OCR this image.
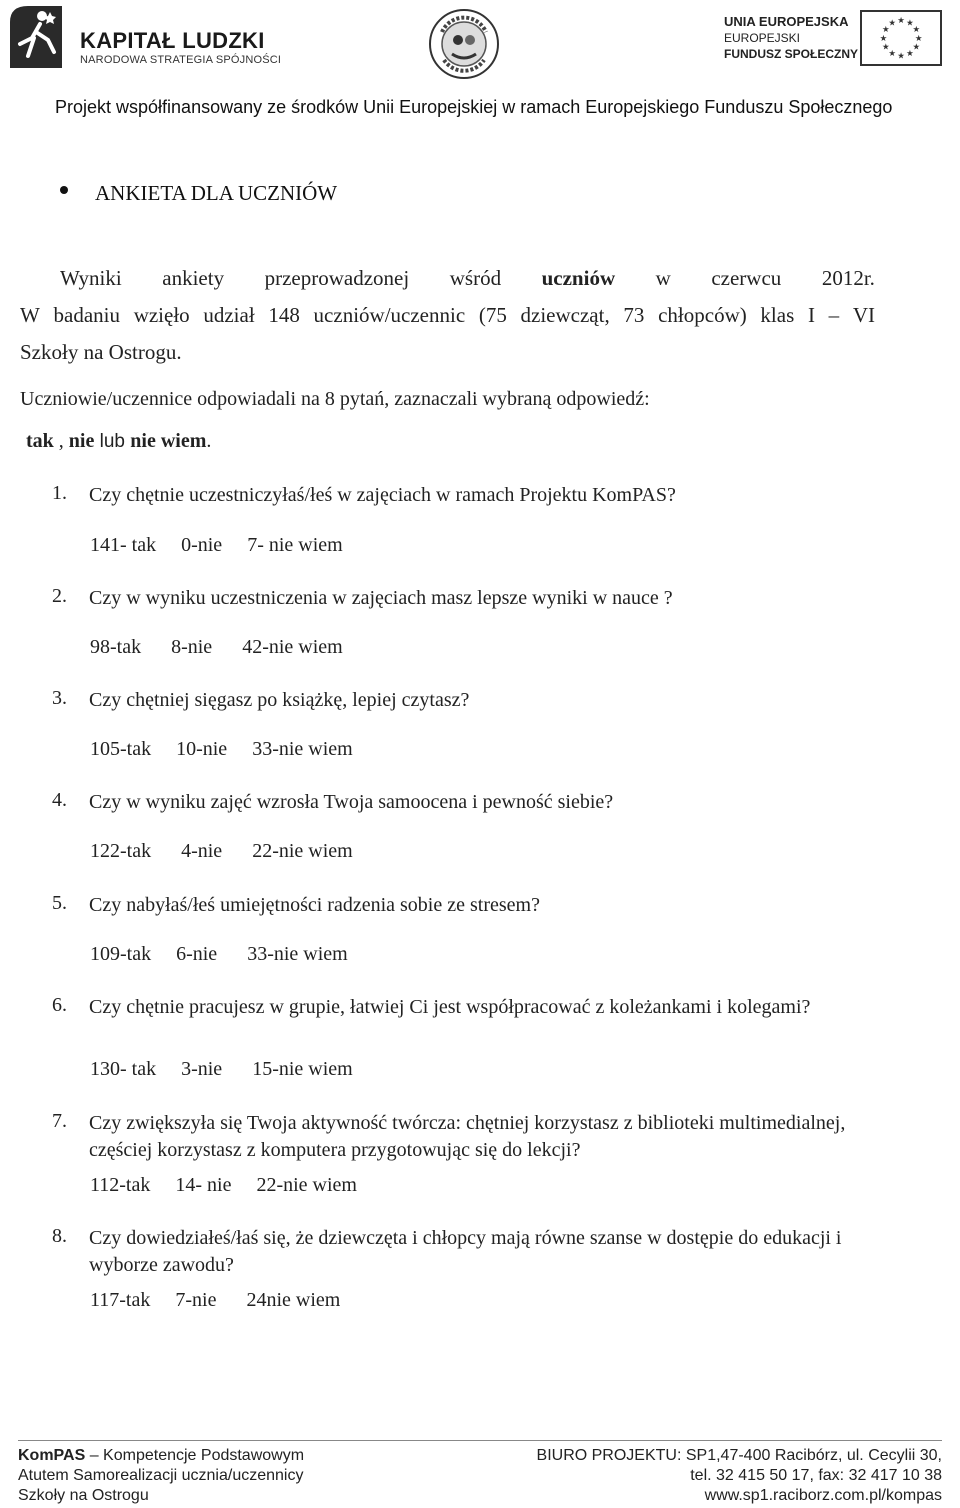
KAPITAŁ LUDZKI
NARODOWA STRATEGIA SPÓJNOŚCI
UNIA EUROPEJSKA
EUROPEJSKI
FUNDUSZ SPOŁECZNY
★
★
★
★
★
★
★
★
★ ★ ★
★
Projekt współfinansowany ze środków Unii Europejskiej w ramach Europejskiego Funduszu Społecznego
ANKIETA DLA UCZNIÓW
Wyniki ankiety przeprowadzonej wśród uczniów w czerwcu 2012r.
W badaniu wzięło udział 148 uczniów/uczennic (75 dziewcząt, 73 chłopców) klas I – VI
Szkoły na Ostrogu.
Uczniowie/uczennice odpowiadali na 8 pytań, zaznaczali wybraną odpowiedź:
tak , nie lub nie wiem.
1.	Czy chętnie uczestniczyłaś/łeś w zajęciach w ramach Projektu KomPAS?
141- tak     0-nie     7- nie wiem
2.	Czy w wyniku uczestniczenia w zajęciach masz lepsze wyniki w nauce ?
98-tak      8-nie      42-nie wiem
3.	Czy chętniej sięgasz po książkę, lepiej czytasz?
105-tak     10-nie     33-nie wiem
4.	Czy w wyniku zajęć wzrosła Twoja samoocena i pewność siebie?
122-tak      4-nie      22-nie wiem
5.	Czy nabyłaś/łeś umiejętności radzenia sobie ze stresem?
109-tak     6-nie      33-nie wiem
6.	Czy chętnie pracujesz w grupie, łatwiej Ci jest współpracować z koleżankami i kolegami?
130- tak     3-nie      15-nie wiem
7.	Czy zwiększyła się Twoja aktywność twórcza: chętniej korzystasz z biblioteki multimedialnej, częściej korzystasz z komputera przygotowując się do lekcji?
112-tak     14- nie     22-nie wiem
8.	Czy dowiedziałeś/łaś się, że dziewczęta i chłopcy mają równe szanse w dostępie do edukacji i wyborze zawodu?
117-tak     7-nie      24nie wiem
KomPAS – Kompetencje Podstawowym
Atutem Samorealizacji ucznia/uczennicy
Szkoły na Ostrogu
BIURO PROJEKTU: SP1,47-400 Racibórz, ul. Cecylii 30,
tel. 32 415 50 17, fax: 32 417 10 38
www.sp1.raciborz.com.pl/kompas
